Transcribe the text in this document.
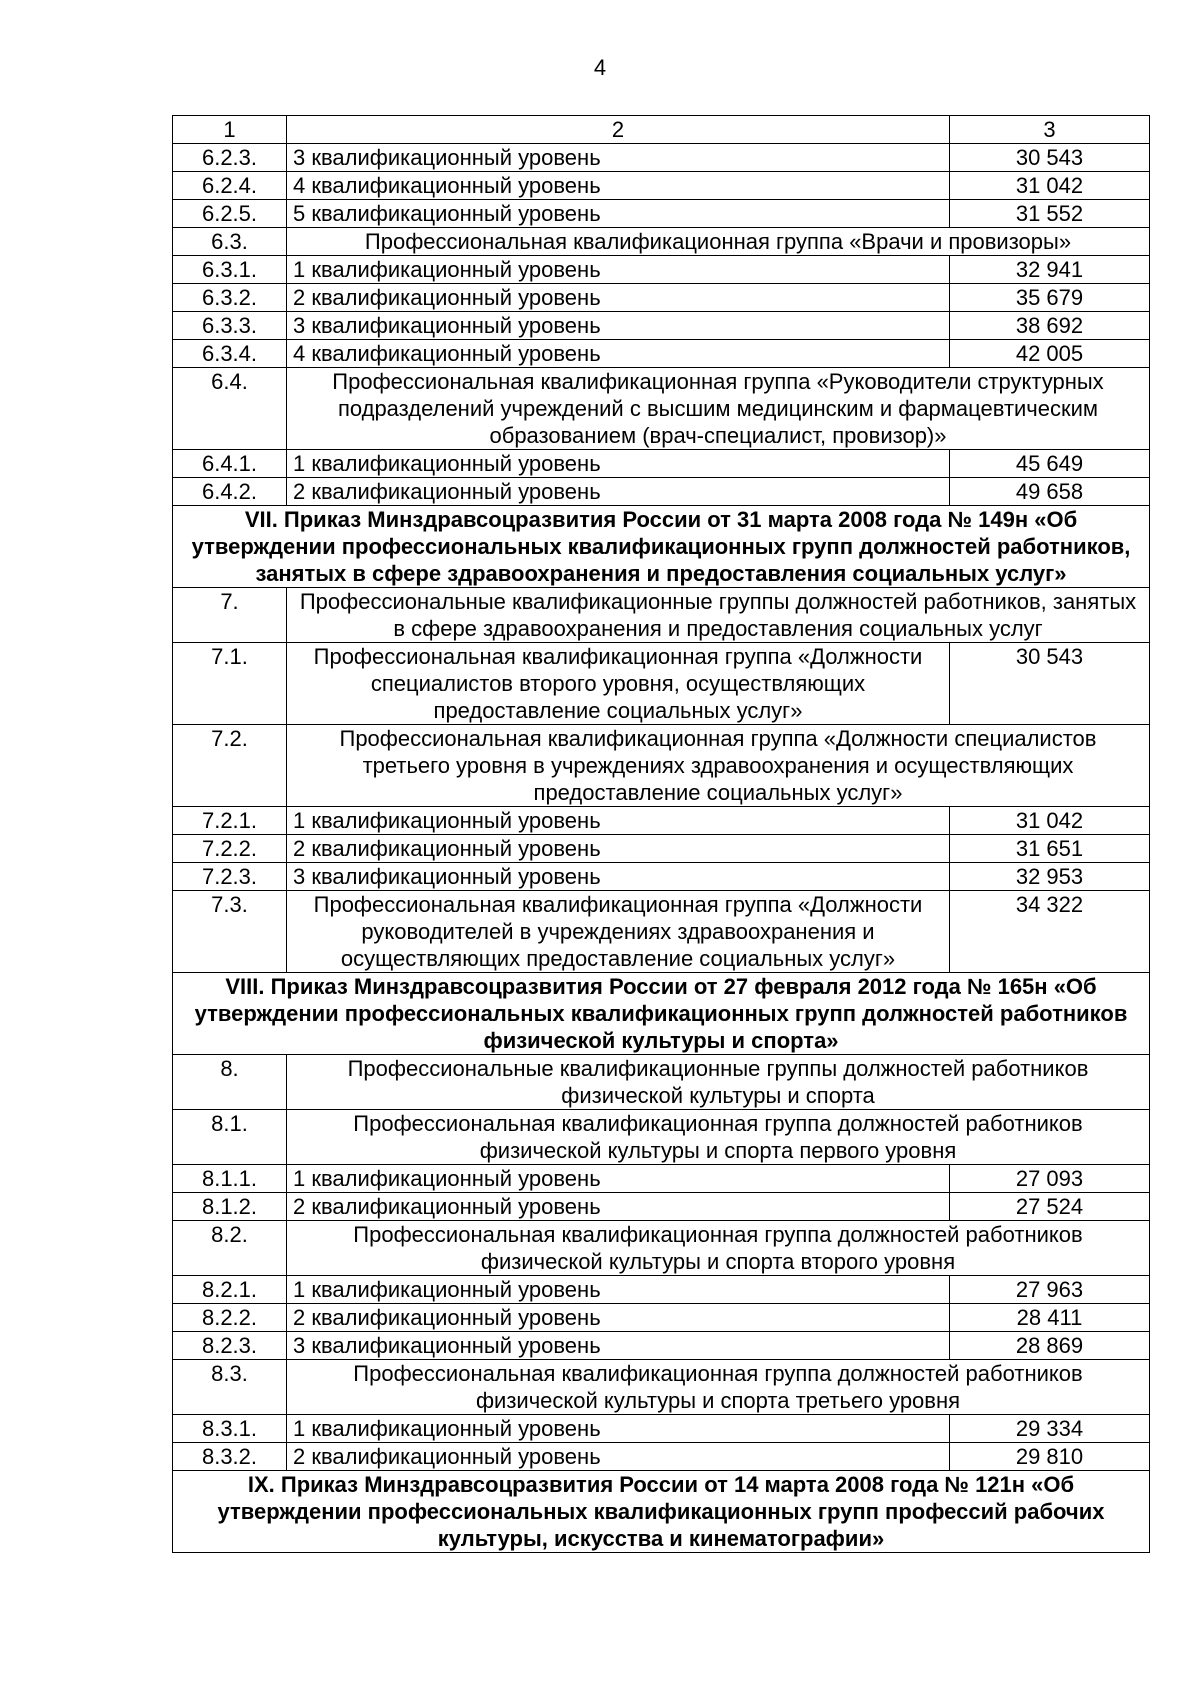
4
1	2	3
6.2.3.	3 квалификационный уровень	30 543
6.2.4.	4 квалификационный уровень	31 042
6.2.5.	5 квалификационный уровень	31 552
6.3.	Профессиональная квалификационная группа «Врачи и провизоры»	
6.3.1.	1 квалификационный уровень	32 941
6.3.2.	2 квалификационный уровень	35 679
6.3.3.	3 квалификационный уровень	38 692
6.3.4.	4 квалификационный уровень	42 005
6.4.	Профессиональная квалификационная группа «Руководители структурных подразделений учреждений с высшим медицинским и фармацевтическим образованием (врач-специалист, провизор)»	
6.4.1.	1 квалификационный уровень	45 649
6.4.2.	2 квалификационный уровень	49 658
VII. Приказ Минздравсоцразвития России от 31 марта 2008 года № 149н «Об утверждении профессиональных квалификационных групп должностей работников, занятых в сфере здравоохранения и предоставления социальных услуг»		
7.	Профессиональные квалификационные группы должностей работников, занятых в сфере здравоохранения и предоставления социальных услуг	
7.1.	Профессиональная квалификационная группа «Должности специалистов второго уровня, осуществляющих предоставление социальных услуг»	30 543
7.2.	Профессиональная квалификационная группа «Должности специалистов третьего уровня в учреждениях здравоохранения и осуществляющих предоставление социальных услуг»	
7.2.1.	1 квалификационный уровень	31 042
7.2.2.	2 квалификационный уровень	31 651
7.2.3.	3 квалификационный уровень	32 953
7.3.	Профессиональная квалификационная группа «Должности руководителей в учреждениях здравоохранения и осуществляющих предоставление социальных услуг»	34 322
VIII. Приказ Минздравсоцразвития России от 27 февраля 2012 года № 165н «Об утверждении профессиональных квалификационных групп должностей работников физической культуры и спорта»		
8.	Профессиональные квалификационные группы должностей работников физической культуры и спорта	
8.1.	Профессиональная квалификационная группа должностей работников физической культуры и спорта первого уровня	
8.1.1.	1 квалификационный уровень	27 093
8.1.2.	2 квалификационный уровень	27 524
8.2.	Профессиональная квалификационная группа должностей работников физической культуры и спорта второго уровня	
8.2.1.	1 квалификационный уровень	27 963
8.2.2.	2 квалификационный уровень	28 411
8.2.3.	3 квалификационный уровень	28 869
8.3.	Профессиональная квалификационная группа должностей работников физической культуры и спорта третьего уровня	
8.3.1.	1 квалификационный уровень	29 334
8.3.2.	2 квалификационный уровень	29 810
IX. Приказ Минздравсоцразвития России от 14 марта 2008 года № 121н «Об утверждении профессиональных квалификационных групп профессий рабочих культуры, искусства и кинематографии»		
